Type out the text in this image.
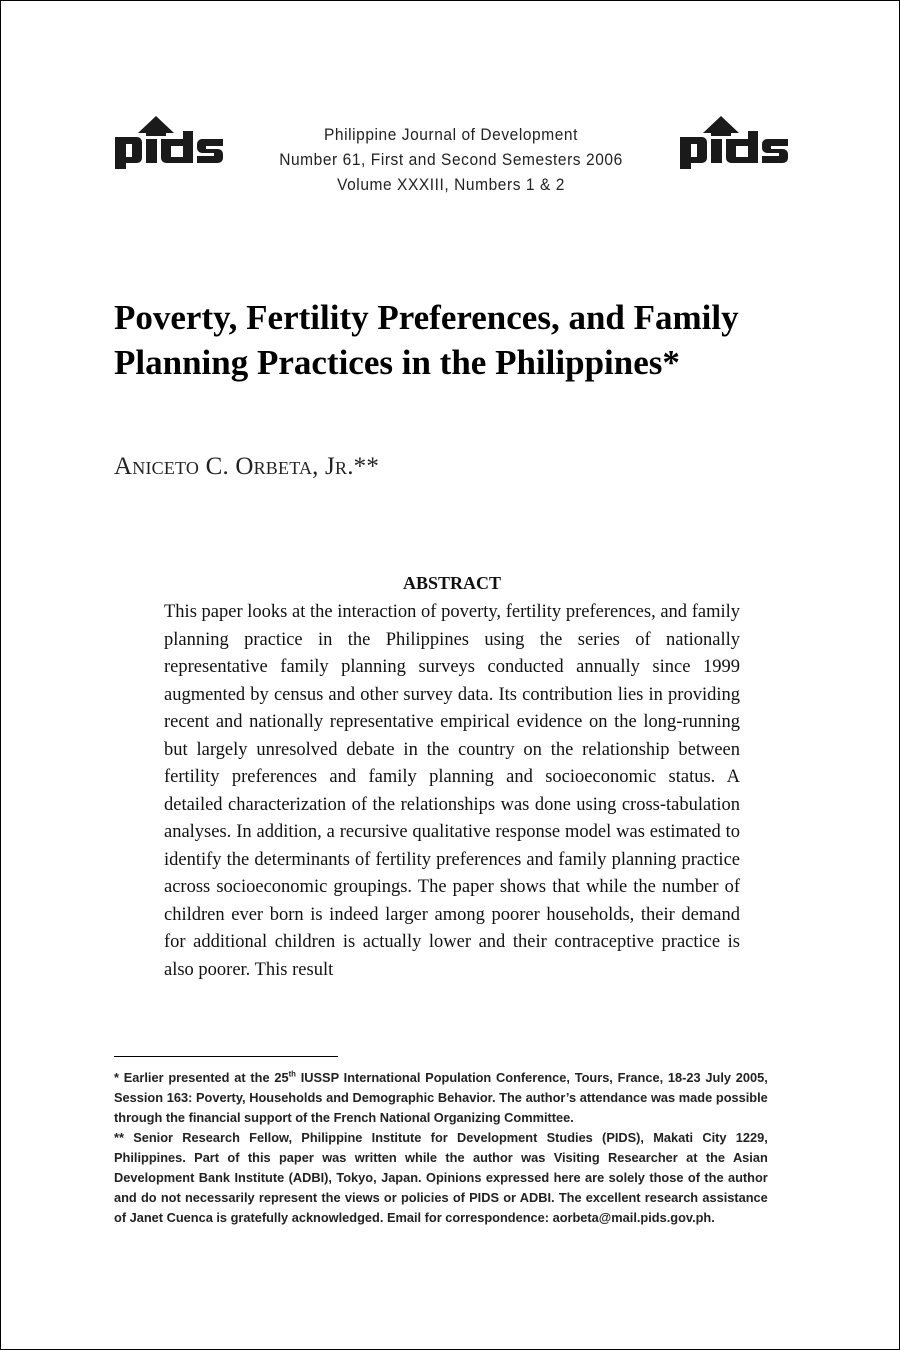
Philippine Journal of Development
Number 61, First and Second Semesters 2006
Volume XXXIII, Numbers 1 & 2
Poverty, Fertility Preferences, and Family
Planning Practices in the Philippines*
Aniceto C. Orbeta, Jr.**
ABSTRACT

This paper looks at the interaction of poverty, fertility preferences, and family planning practice in the Philippines using the series of nationally representative family planning surveys conducted annually since 1999 augmented by census and other survey data. Its contribution lies in providing recent and nationally representative empirical evidence on the long-running but largely unresolved debate in the country on the relationship between fertility preferences and family planning and socioeconomic status. A detailed characterization of the relationships was done using cross-tabulation analyses. In addition, a recursive qualitative response model was estimated to identify the determinants of fertility preferences and family planning practice across socioeconomic groupings. The paper shows that while the number of children ever born is indeed larger among poorer households, their demand for additional children is actually lower and their contraceptive practice is also poorer. This result

* Earlier presented at the 25th IUSSP International Population Conference, Tours, France, 18-23 July 2005, Session 163: Poverty, Households and Demographic Behavior. The author’s attendance was made possible through the financial support of the French National Organizing Committee.

** Senior Research Fellow, Philippine Institute for Development Studies (PIDS), Makati City 1229, Philippines. Part of this paper was written while the author was Visiting Researcher at the Asian Development Bank Institute (ADBI), Tokyo, Japan. Opinions expressed here are solely those of the author and do not necessarily represent the views or policies of PIDS or ADBI. The excellent research assistance of Janet Cuenca is gratefully acknowledged. Email for correspondence: aorbeta@mail.pids.gov.ph.
